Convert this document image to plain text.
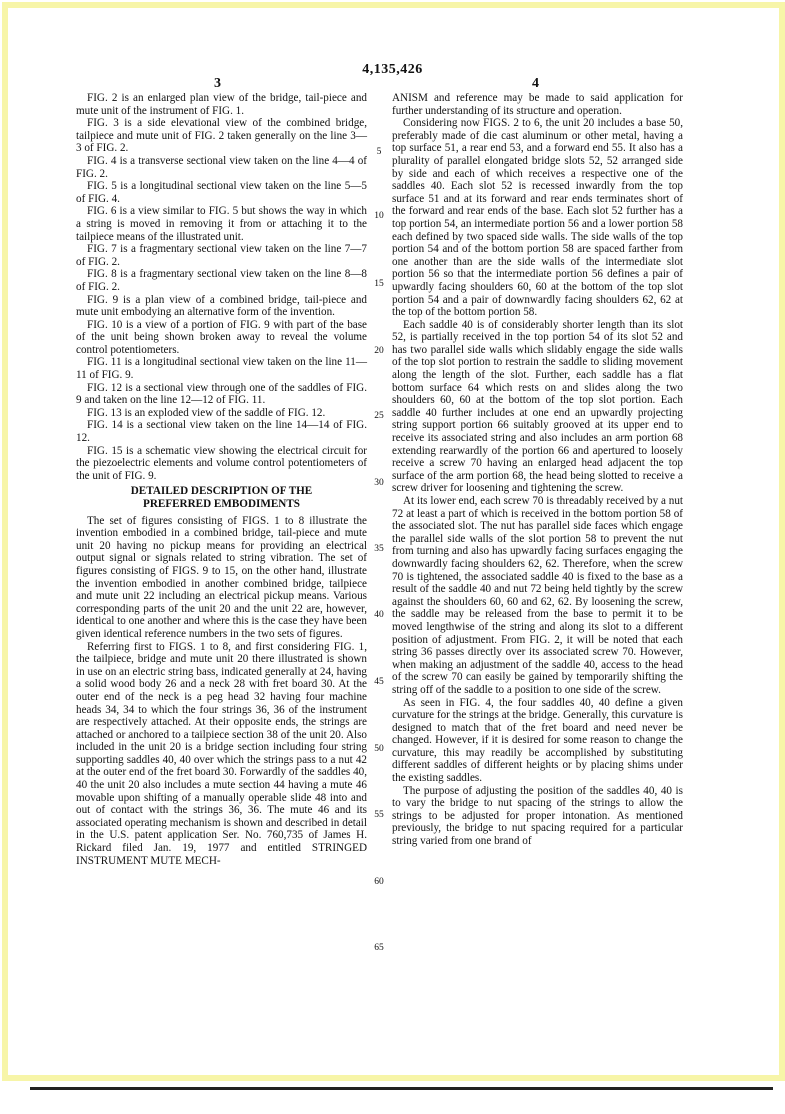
4,135,426
3	4

FIG. 2 is an enlarged plan view of the bridge, tail-piece and mute unit of the instrument of FIG. 1.

FIG. 3 is a side elevational view of the combined bridge, tailpiece and mute unit of FIG. 2 taken generally on the line 3—3 of FIG. 2.

FIG. 4 is a transverse sectional view taken on the line 4—4 of FIG. 2.

FIG. 5 is a longitudinal sectional view taken on the line 5—5 of FIG. 4.

FIG. 6 is a view similar to FIG. 5 but shows the way in which a string is moved in removing it from or attaching it to the tailpiece means of the illustrated unit.

FIG. 7 is a fragmentary sectional view taken on the line 7—7 of FIG. 2.

FIG. 8 is a fragmentary sectional view taken on the line 8—8 of FIG. 2.

FIG. 9 is a plan view of a combined bridge, tail-piece and mute unit embodying an alternative form of the invention.

FIG. 10 is a view of a portion of FIG. 9 with part of the base of the unit being shown broken away to reveal the volume control potentiometers.

FIG. 11 is a longitudinal sectional view taken on the line 11—11 of FIG. 9.

FIG. 12 is a sectional view through one of the saddles of FIG. 9 and taken on the line 12—12 of FIG. 11.

FIG. 13 is an exploded view of the saddle of FIG. 12.

FIG. 14 is a sectional view taken on the line 14—14 of FIG. 12.

FIG. 15 is a schematic view showing the electrical circuit for the piezoelectric elements and volume control potentiometers of the unit of FIG. 9.

DETAILED DESCRIPTION OF THE
PREFERRED EMBODIMENTS

The set of figures consisting of FIGS. 1 to 8 illustrate the invention embodied in a combined bridge, tail-piece and mute unit 20 having no pickup means for providing an electrical output signal or signals related to string vibration. The set of figures consisting of FIGS. 9 to 15, on the other hand, illustrate the invention embodied in another combined bridge, tailpiece and mute unit 22 including an electrical pickup means. Various corresponding parts of the unit 20 and the unit 22 are, however, identical to one another and where this is the case they have been given identical reference numbers in the two sets of figures.

Referring first to FIGS. 1 to 8, and first considering FIG. 1, the tailpiece, bridge and mute unit 20 there illustrated is shown in use on an electric string bass, indicated generally at 24, having a solid wood body 26 and a neck 28 with fret board 30. At the outer end of the neck is a peg head 32 having four machine heads 34, 34 to which the four strings 36, 36 of the instrument are respectively attached. At their opposite ends, the strings are attached or anchored to a tailpiece section 38 of the unit 20. Also included in the unit 20 is a bridge section including four string supporting saddles 40, 40 over which the strings pass to a nut 42 at the outer end of the fret board 30. Forwardly of the saddles 40, 40 the unit 20 also includes a mute section 44 having a mute 46 movable upon shifting of a manually operable slide 48 into and out of contact with the strings 36, 36. The mute 46 and its associated operating mechanism is shown and described in detail in the U.S. patent application Ser. No. 760,735 of James H. Rickard filed Jan. 19, 1977 and entitled STRINGED INSTRUMENT MUTE MECH-

5
10
15
20
25
30
35
40
45
50
55
60
65

ANISM and reference may be made to said application for further understanding of its structure and operation.

Considering now FIGS. 2 to 6, the unit 20 includes a base 50, preferably made of die cast aluminum or other metal, having a top surface 51, a rear end 53, and a forward end 55. It also has a plurality of parallel elongated bridge slots 52, 52 arranged side by side and each of which receives a respective one of the saddles 40. Each slot 52 is recessed inwardly from the top surface 51 and at its forward and rear ends terminates short of the forward and rear ends of the base. Each slot 52 further has a top portion 54, an intermediate portion 56 and a lower portion 58 each defined by two spaced side walls. The side walls of the top portion 54 and of the bottom portion 58 are spaced farther from one another than are the side walls of the intermediate slot portion 56 so that the intermediate portion 56 defines a pair of upwardly facing shoulders 60, 60 at the bottom of the top slot portion 54 and a pair of downwardly facing shoulders 62, 62 at the top of the bottom portion 58.

Each saddle 40 is of considerably shorter length than its slot 52, is partially received in the top portion 54 of its slot 52 and has two parallel side walls which slidably engage the side walls of the top slot portion to restrain the saddle to sliding movement along the length of the slot. Further, each saddle has a flat bottom surface 64 which rests on and slides along the two shoulders 60, 60 at the bottom of the top slot portion. Each saddle 40 further includes at one end an upwardly projecting string support portion 66 suitably grooved at its upper end to receive its associated string and also includes an arm portion 68 extending rearwardly of the portion 66 and apertured to loosely receive a screw 70 having an enlarged head adjacent the top surface of the arm portion 68, the head being slotted to receive a screw driver for loosening and tightening the screw.

At its lower end, each screw 70 is threadably received by a nut 72 at least a part of which is received in the bottom portion 58 of the associated slot. The nut has parallel side faces which engage the parallel side walls of the slot portion 58 to prevent the nut from turning and also has upwardly facing surfaces engaging the downwardly facing shoulders 62, 62. Therefore, when the screw 70 is tightened, the associated saddle 40 is fixed to the base as a result of the saddle 40 and nut 72 being held tightly by the screw against the shoulders 60, 60 and 62, 62. By loosening the screw, the saddle may be released from the base to permit it to be moved lengthwise of the string and along its slot to a different position of adjustment. From FIG. 2, it will be noted that each string 36 passes directly over its associated screw 70. However, when making an adjustment of the saddle 40, access to the head of the screw 70 can easily be gained by temporarily shifting the string off of the saddle to a position to one side of the screw.

As seen in FIG. 4, the four saddles 40, 40 define a given curvature for the strings at the bridge. Generally, this curvature is designed to match that of the fret board and need never be changed. However, if it is desired for some reason to change the curvature, this may readily be accomplished by substituting different saddles of different heights or by placing shims under the existing saddles.

The purpose of adjusting the position of the saddles 40, 40 is to vary the bridge to nut spacing of the strings to allow the strings to be adjusted for proper intonation. As mentioned previously, the bridge to nut spacing required for a particular string varied from one brand of
